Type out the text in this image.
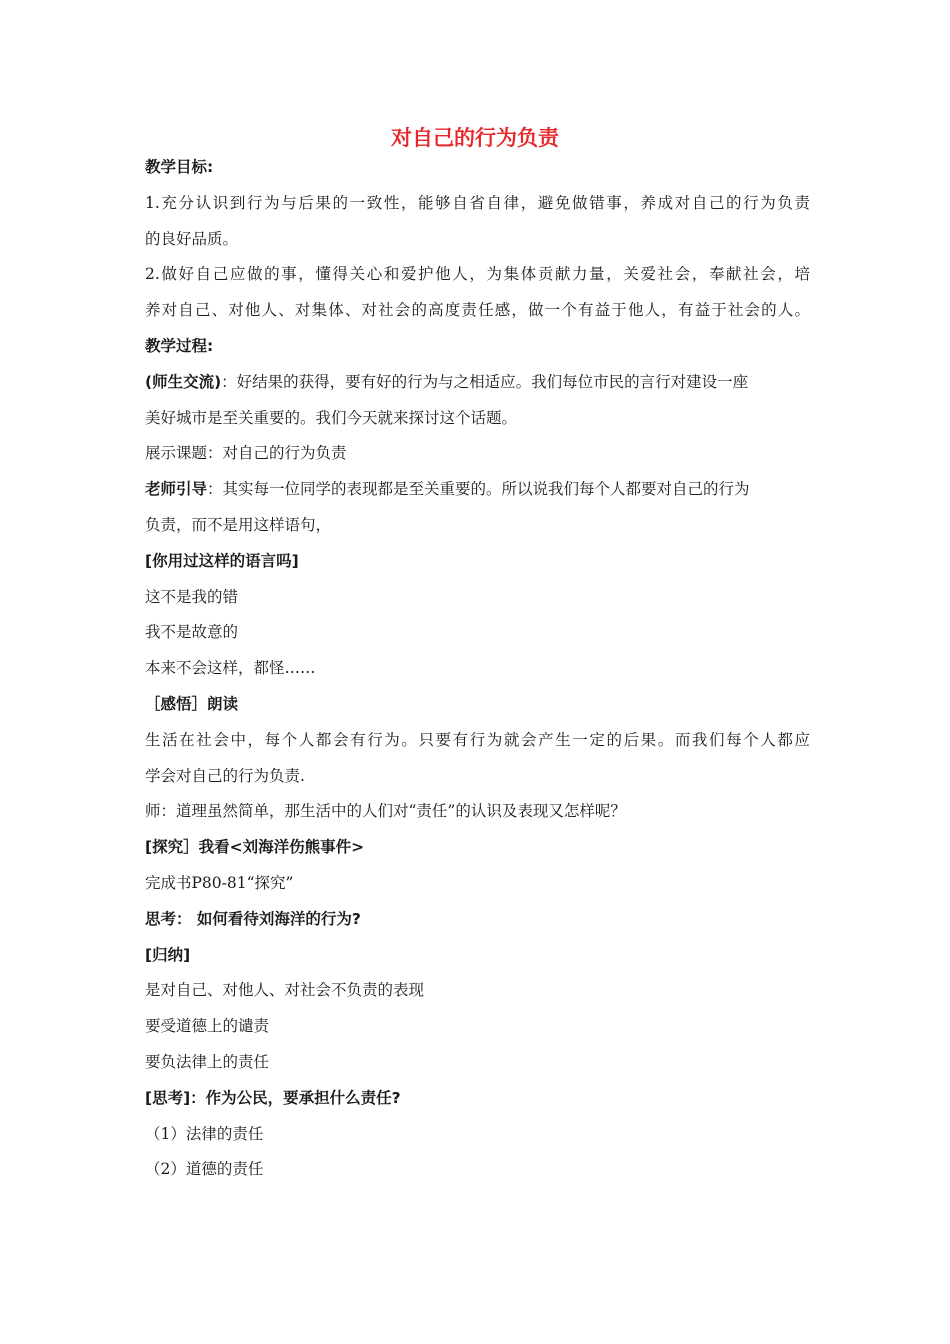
对自己的行为负责
教学目标:
1.充分认识到行为与后果的一致性，能够自省自律，避免做错事，养成对自己的行为负责
的良好品质。
2.做好自己应做的事，懂得关心和爱护他人，为集体贡献力量，关爱社会，奉献社会，培
养对自己、对他人、对集体、对社会的高度责任感，做一个有益于他人，有益于社会的人。
教学过程:
(师生交流)：好结果的获得，要有好的行为与之相适应。我们每位市民的言行对建设一座
美好城市是至关重要的。我们今天就来探讨这个话题。
展示课题：对自己的行为负责
老师引导：其实每一位同学的表现都是至关重要的。所以说我们每个人都要对自己的行为
负责，而不是用这样语句，
[你用过这样的语言吗]
这不是我的错
我不是故意的
本来不会这样，都怪……
［感悟］朗读
生活在社会中，每个人都会有行为。只要有行为就会产生一定的后果。而我们每个人都应
学会对自己的行为负责.
师：道理虽然简单，那生活中的人们对“责任”的认识及表现又怎样呢？
[探究］我看<刘海洋伤熊事件>
完成书P80-81“探究”
思考： 如何看待刘海洋的行为?
[归纳]
是对自己、对他人、对社会不负责的表现
要受道德上的谴责
要负法律上的责任
[思考]：作为公民，要承担什么责任?
（1）法律的责任
（2）道德的责任
